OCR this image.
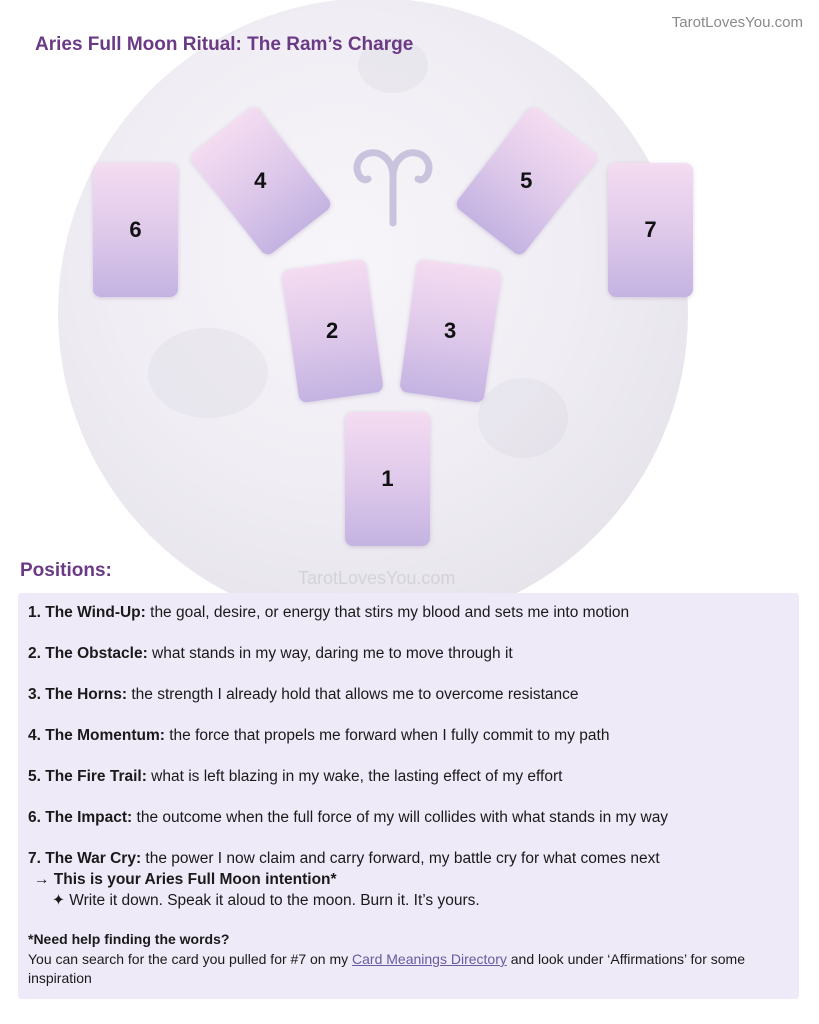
TarotLovesYou.com
Aries Full Moon Ritual: The Ram’s Charge
TarotLovesYou.com
6
4	5
7
2	3
1
Positions:
1. The Wind-Up: the goal, desire, or energy that stirs my blood and sets me into motion
2. The Obstacle: what stands in my way, daring me to move through it
3. The Horns: the strength I already hold that allows me to overcome resistance
4. The Momentum: the force that propels me forward when I fully commit to my path
5. The Fire Trail: what is left blazing in my wake, the lasting effect of my effort
6. The Impact: the outcome when the full force of my will collides with what stands in my way
7. The War Cry: the power I now claim and carry forward, my battle cry for what comes next
→ This is your Aries Full Moon intention*
✦ Write it down. Speak it aloud to the moon. Burn it. It’s yours.
*Need help finding the words?
You can search for the card you pulled for #7 on my Card Meanings Directory and look under ‘Affirmations’ for some inspiration
